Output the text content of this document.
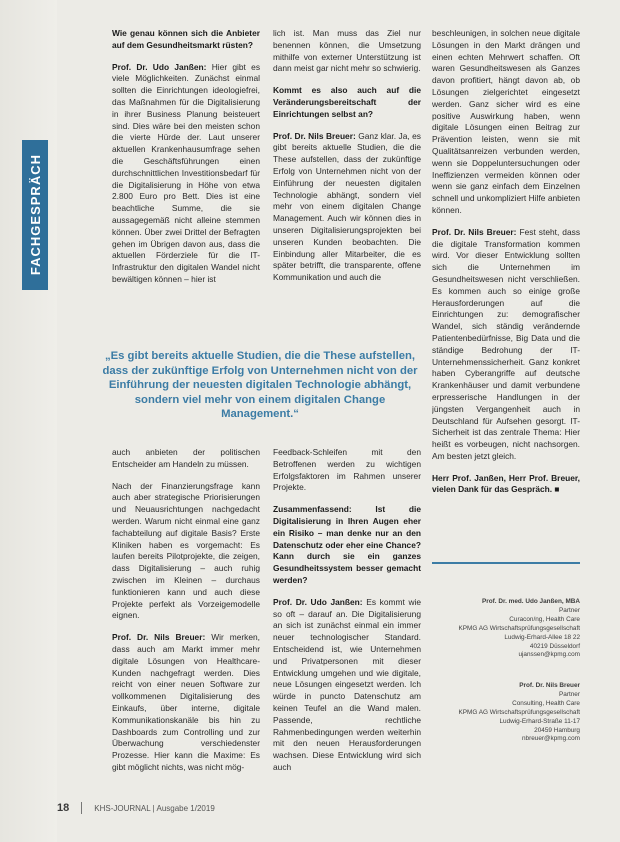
FACHGESPRÄCH

Wie genau können sich die Anbieter auf dem Gesundheitsmarkt rüsten?

Prof. Dr. Udo Janßen: Hier gibt es viele Möglichkeiten. Zunächst einmal sollten die Einrichtungen ideologiefrei, das Maßnahmen für die Digitalisierung in ihrer Business Planung beisteuert sind. Dies wäre bei den meisten schon die vierte Hürde der. Laut unserer aktuellen Krankenhausumfrage sehen die Geschäftsführungen einen durchschnittlichen Investitionsbedarf für die Digitalisierung in Höhe von etwa 2.800 Euro pro Bett. Dies ist eine beachtliche Summe, die sie aussagegemäß nicht alleine stemmen können. Über zwei Drittel der Befragten gehen im Übrigen davon aus, dass die aktuellen Förderziele für die IT-Infrastruktur den digitalen Wandel nicht bewältigen können – hier ist

lich ist. Man muss das Ziel nur benennen können, die Umsetzung mithilfe von externer Unterstützung ist dann meist gar nicht mehr so schwierig.

Kommt es also auch auf die Veränderungsbereitschaft der Einrichtungen selbst an?

Prof. Dr. Nils Breuer: Ganz klar. Ja, es gibt bereits aktuelle Studien, die die These aufstellen, dass der zukünftige Erfolg von Unternehmen nicht von der Einführung der neuesten digitalen Technologie abhängt, sondern viel mehr von einem digitalen Change Management. Auch wir können dies in unseren Digitalisierungsprojekten bei unseren Kunden beobachten. Die Einbindung aller Mitarbeiter, die es später betrifft, die transparente, offene Kommunikation und auch die

beschleunigen, in solchen neue digitale Lösungen in den Markt drängen und einen echten Mehrwert schaffen. Oft waren Gesundheitswesen als Ganzes davon profitiert, hängt davon ab, ob Lösungen zielgerichtet eingesetzt werden. Ganz sicher wird es eine positive Auswirkung haben, wenn digitale Lösungen einen Beitrag zur Prävention leisten, wenn sie mit Qualitätsanreizen verbunden werden, wenn sie Doppeluntersuchungen oder Ineffizienzen vermeiden können oder wenn sie ganz einfach dem Einzelnen schnell und unkompliziert Hilfe anbieten können.

Prof. Dr. Nils Breuer: Fest steht, dass die digitale Transformation kommen wird. Vor dieser Entwicklung sollten sich die Unternehmen im Gesundheitswesen nicht verschließen. Es kommen auch so einige große Herausforderungen auf die Einrichtungen zu: demografischer Wandel, sich ständig verändernde Patientenbedürfnisse, Big Data und die ständige Bedrohung der IT-Unternehmenssicherheit. Ganz konkret haben Cyberangriffe auf deutsche Krankenhäuser und damit verbundene erpresserische Handlungen in der jüngsten Vergangenheit auch in Deutschland für Aufsehen gesorgt. IT-Sicherheit ist das zentrale Thema: Hier heißt es vorbeugen, nicht nachsorgen. Am besten jetzt gleich.

Herr Prof. Janßen, Herr Prof. Breuer, vielen Dank für das Gespräch. ■

„Es gibt bereits aktuelle Studien, die die These aufstellen, dass der zukünftige Erfolg von Unternehmen nicht von der Einführung der neuesten digitalen Technologie abhängt, sondern viel mehr von einem digitalen Change Management.“

auch anbieten der politischen Entscheider am Handeln zu müssen.

Nach der Finanzierungsfrage kann auch aber strategische Priorisierungen und Neuausrichtungen nachgedacht werden. Warum nicht einmal eine ganz fachabteilung auf digitale Basis? Erste Kliniken haben es vorgemacht: Es laufen bereits Pilotprojekte, die zeigen, dass Digitalisierung – auch ruhig zwischen im Kleinen – durchaus funktionieren kann und auch diese Projekte perfekt als Vorzeigemodelle eignen.

Prof. Dr. Nils Breuer: Wir merken, dass auch am Markt immer mehr digitale Lösungen von Healthcare-Kunden nachgefragt werden. Dies reicht von einer neuen Software zur vollkommenen Digitalisierung des Einkaufs, über interne, digitale Kommunikationskanäle bis hin zu Dashboards zum Controlling und zur Überwachung verschiedenster Prozesse. Hier kann die Maxime: Es gibt möglicht nichts, was nicht mög-

Feedback-Schleifen mit den Betroffenen werden zu wichtigen Erfolgsfaktoren im Rahmen unserer Projekte.

Zusammenfassend: Ist die Digitalisierung in Ihren Augen eher ein Risiko – man denke nur an den Datenschutz oder eher eine Chance? Kann durch sie ein ganzes Gesundheitssystem besser gemacht werden?

Prof. Dr. Udo Janßen: Es kommt wie so oft – darauf an. Die Digitalisierung an sich ist zunächst einmal ein immer neuer technologischer Standard. Entscheidend ist, wie Unternehmen und Privatpersonen mit dieser Entwicklung umgehen und wie digitale, neue Lösungen eingesetzt werden. Ich würde in puncto Datenschutz am keinen Teufel an die Wand malen. Passende, rechtliche Rahmenbedingungen werden weiterhin mit den neuen Herausforderungen wachsen. Diese Entwicklung wird sich auch

Prof. Dr. med. Udo Janßen, MBA
Partner
Curacon/ng, Health Care
KPMG AG Wirtschaftsprüfungsgesellschaft
Ludwig-Erhard-Allee 18 22
40219 Düsseldorf
ujanssen@kpmg.com
Prof. Dr. Nils Breuer
Partner
Consulting, Health Care
KPMG AG Wirtschaftsprüfungsgesellschaft
Ludwig-Erhard-Straße 11-17
20459 Hamburg
nbreuer@kpmg.com
18	KHS-JOURNAL | Ausgabe 1/2019
